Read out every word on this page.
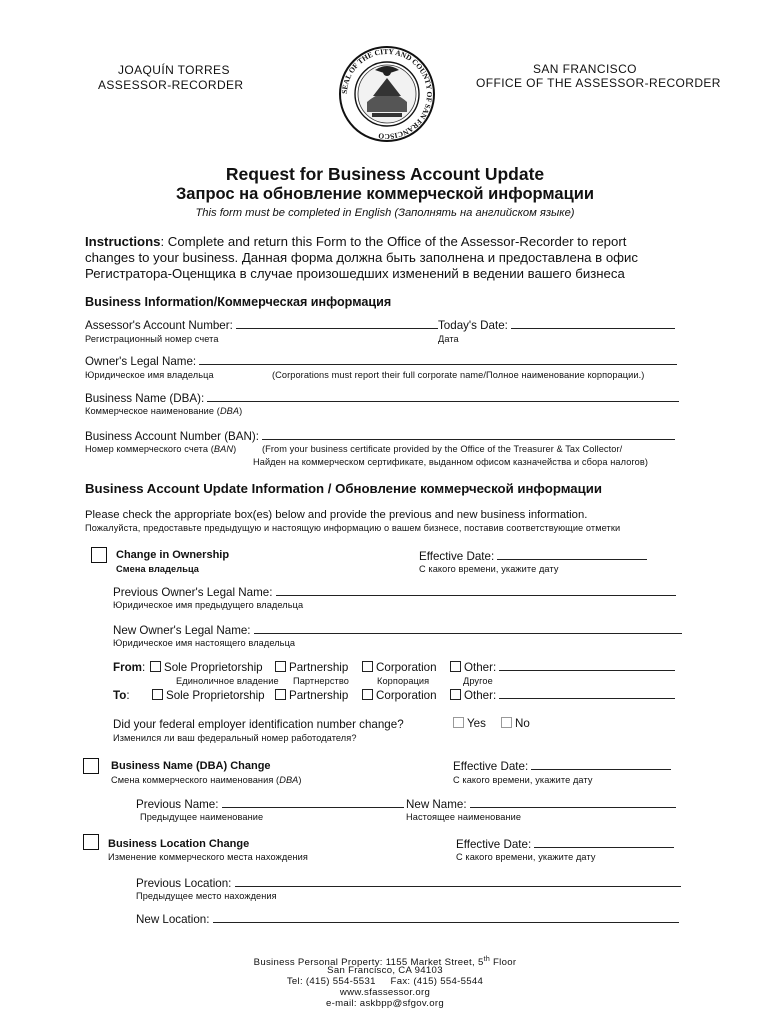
JOAQUÍN TORRES
ASSESSOR-RECORDER
SAN FRANCISCO
OFFICE OF THE ASSESSOR-RECORDER
SEAL OF THE CITY AND COUNTY OF SAN FRANCISCO
Request for Business Account Update
Запрос на обновление коммерческой информации
This form must be completed in English (Заполнять на английском языке)
Instructions: Complete and return this Form to the Office of the Assessor-Recorder to report
changes to your business. Данная форма должна быть заполнена и предоставлена в офис
Регистратора-Оценщика в случае произошедших изменений в ведении вашего бизнеса
Business Information/Коммерческая информация
Assessor's Account Number:	Today's Date:
Регистрационный номер счета	Дата
Owner's Legal Name:
Юридическое имя владельца	(Corporations must report their full corporate name/Полное наименование корпорации.)
Business Name (DBA):
Коммерческое наименование (DBA)
Business Account Number (BAN):
Номер коммерческого счета (BAN)	(From your business certificate provided by the Office of the Treasurer & Tax Collector/
Найден на коммерческом сертификате, выданном офисом казначейства и сбора налогов)
Business Account Update Information / Обновление коммерческой информации
Please check the appropriate box(es) below and provide the previous and new business information.
Пожалуйста, предоставьте предыдущую и настоящую информацию о вашем бизнесе, поставив соответствующие отметки
Change in Ownership
Смена владельца
Effective Date:
С какого времени, укажите дату
Previous Owner's Legal Name:
Юридическое имя предыдущего владельца
New Owner's Legal Name:
Юридическое имя настоящего владельца
From:	Sole Proprietorship	Partnership	Corporation	Other:
Единоличное владение Партнерство	Корпорация	Другое
To:	Sole Proprietorship	Partnership	Corporation	Other:
Did your federal employer identification number change?	Yes	No
Изменился ли ваш федеральный номер работодателя?
Business Name (DBA) Change
Смена коммерческого наименования (DBA)
Effective Date:
С какого времени, укажите дату
Previous Name:	New Name:
Предыдущее наименование	Настоящее наименование
Business Location Change
Изменение коммерческого места нахождения
Effective Date:
С какого времени, укажите дату
Previous Location:
Предыдущее место нахождения
New Location:
Business Personal Property: 1155 Market Street, 5th Floor
San Francisco, CA 94103
Tel: (415) 554-5531     Fax: (415) 554-5544
www.sfassessor.org
e-mail: askbpp@sfgov.org
